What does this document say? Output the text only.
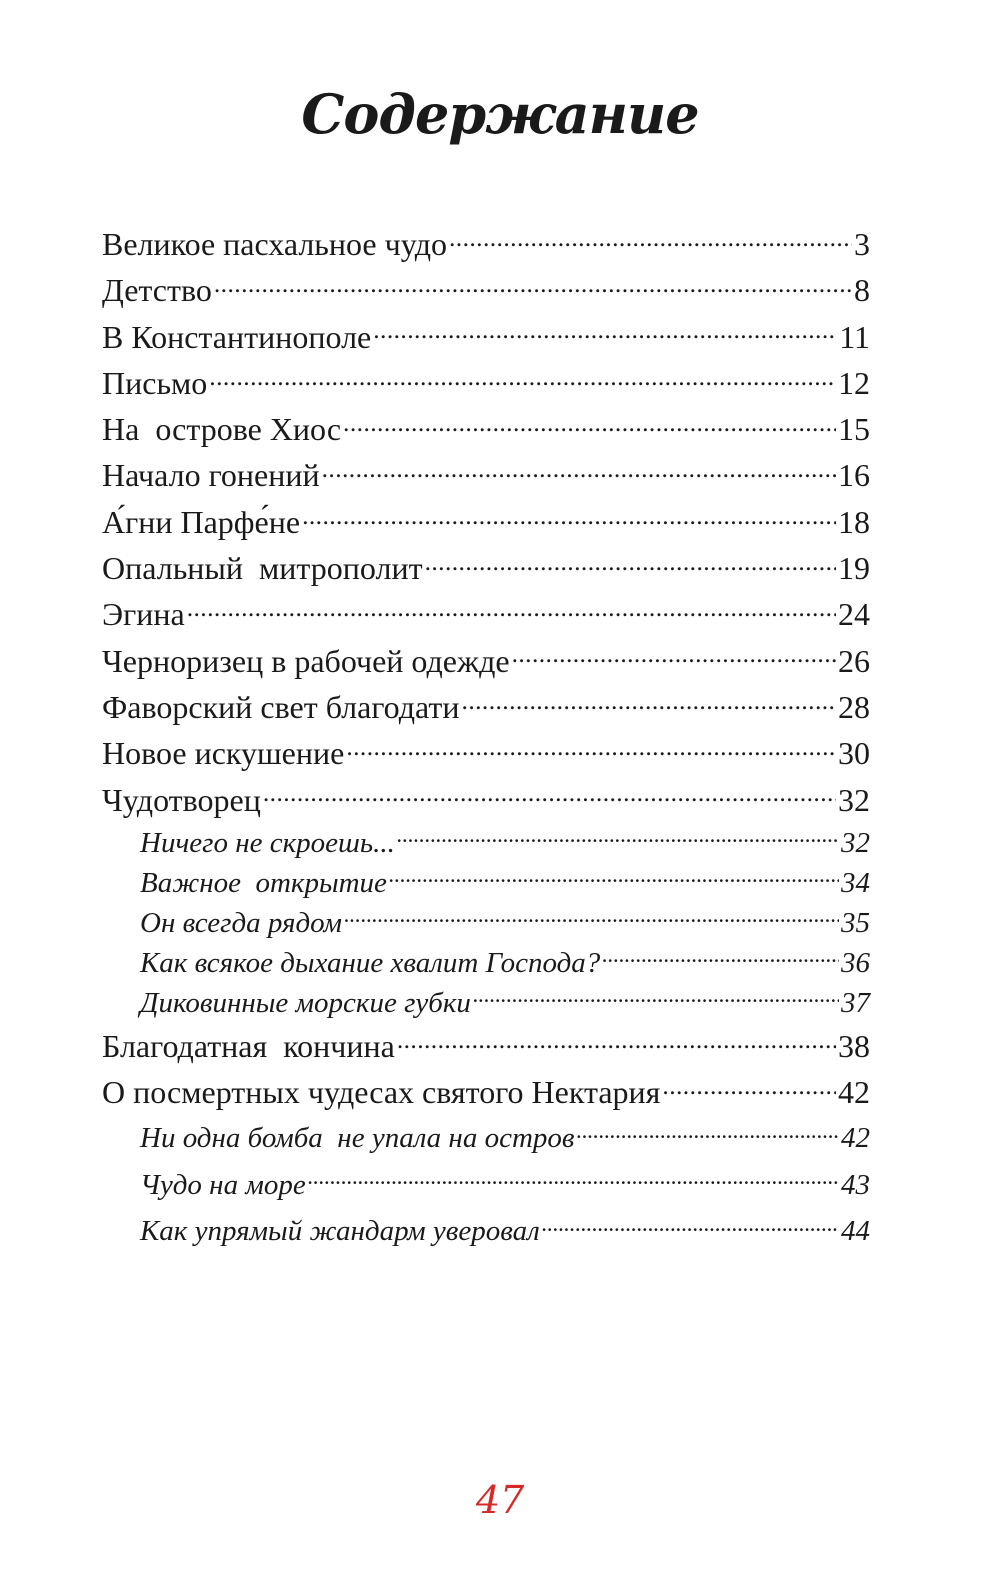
Содержание
Великое пасхальное чудо . . .	3
Детство . . .	8
В Константинополе . . .	11
Письмо . . .	12
На  острове Хиос . . .	15
Начало гонений . . .	16
А́гни Парфе́не . . .	18
Опальный  митрополит . . .	19
Эгина . . .	24
Чернориз​ец в рабочей одежде . . .	26
Фаворский свет благодати . . .	28
Новое искушение . . .	30
Чудотворец . . .	32
Ничего не скроешь... . . .	32
Важное  открытие . . .	34
Он всегда рядом . . .	35
Как всякое дыхание хвалит Господа? . . .	36
Диковинные морские губки . . .	37
Благодатная  кончина . . .	38
О посмертных чудесах святого Нектария . . .	42
Ни одна бомба  не упала на остров . . .	42
Чудо на море . . .	43
Как упрямый жандарм уверовал . . .	44
47
